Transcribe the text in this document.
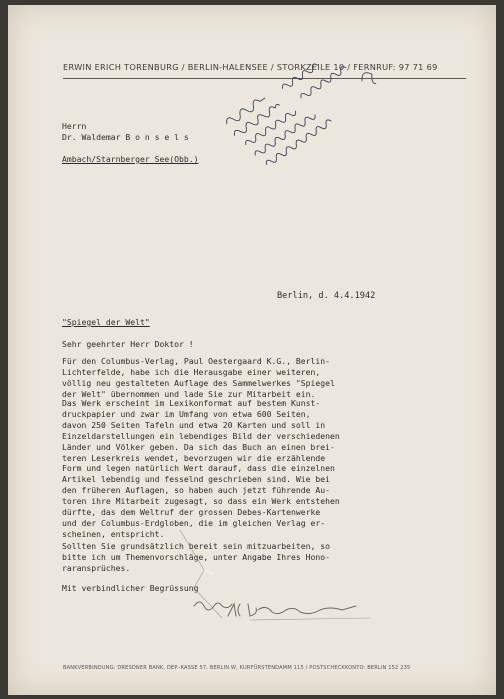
ERWIN ERICH TORENBURG / BERLIN-HALENSEE / STORKZEILE 10 / FERNRUF: 97 71 69
Herrn
Dr. Waldemar B o n s e l s

Ambach/Starnberger See(Obb.)
Berlin, d. 4.4.1942
"Spiegel der Welt"
Sehr geehrter Herr Doktor !
Für den Columbus-Verlag, Paul Oestergaard K.G., Berlin-
Lichterfelde, habe ich die Herausgabe einer weiteren,
völlig neu gestalteten Auflage des Sammelwerkes "Spiegel
der Welt" übernommen und lade Sie zur Mitarbeit ein.
Das Werk erscheint im Lexikonformat auf bestem Kunst-
druckpapier und zwar im Umfang von etwa 600 Seiten,
davon 250 Seiten Tafeln und etwa 20 Karten und soll in
Einzeldarstellungen ein lebendiges Bild der verschiedenen
Länder und Völker geben. Da sich das Buch an einen brei-
teren Leserkreis wendet, bevorzugen wir die erzählende
Form und legen natürlich Wert darauf, dass die einzelnen
Artikel lebendig und fesselnd geschrieben sind. Wie bei
den früheren Auflagen, so haben auch jetzt führende Au-
toren ihre Mitarbeit zugesagt, so dass ein Werk entstehen
dürfte, das dem Weltruf der grossen Debes-Kartenwerke
und der Columbus-Erdgloben, die im gleichen Verlag er-
scheinen, entspricht.
Sollten Sie grundsätzlich bereit sein mitzuarbeiten, so
bitte ich um Themenvorschläge, unter Angabe Ihres Hono-
raransprüches.
Mit verbindlicher Begrüssung
BANKVERBINDUNG: DRESDNER BANK, DEP.-KASSE 57, BERLIN W, KURFÜRSTENDAMM 115 / POSTSCHECKKONTO: BERLIN 152 235
